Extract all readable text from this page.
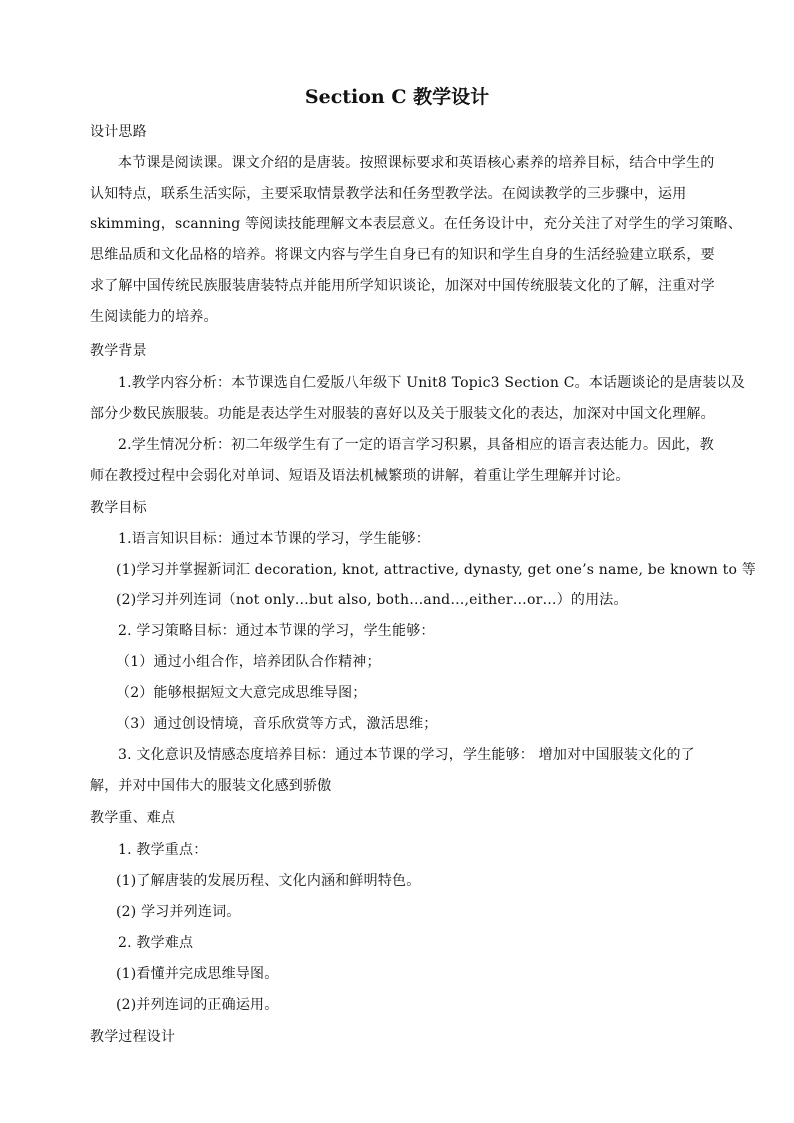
Section C 教学设计
设计思路
本节课是阅读课。课文介绍的是唐装。按照课标要求和英语核心素养的培养目标，结合中学生的
认知特点，联系生活实际，主要采取情景教学法和任务型教学法。在阅读教学的三步骤中，运用
skimming，scanning 等阅读技能理解文本表层意义。在任务设计中，充分关注了对学生的学习策略、
思维品质和文化品格的培养。将课文内容与学生自身已有的知识和学生自身的生活经验建立联系，要
求了解中国传统民族服装唐装特点并能用所学知识谈论，加深对中国传统服装文化的了解，注重对学
生阅读能力的培养。
教学背景
1.教学内容分析：本节课选自仁爱版八年级下 Unit8 Topic3 Section C。本话题谈论的是唐装以及
部分少数民族服装。功能是表达学生对服装的喜好以及关于服装文化的表达，加深对中国文化理解。
2.学生情况分析：初二年级学生有了一定的语言学习积累，具备相应的语言表达能力。因此，教
师在教授过程中会弱化对单词、短语及语法机械繁琐的讲解，着重让学生理解并讨论。
教学目标
1.语言知识目标：通过本节课的学习，学生能够：
(1)学习并掌握新词汇 decoration, knot, attractive, dynasty, get one’s name, be known to 等
(2)学习并列连词（not only…but also, both…and…,either…or…）的用法。
2. 学习策略目标：通过本节课的学习，学生能够：
（1）通过小组合作，培养团队合作精神；
（2）能够根据短文大意完成思维导图；
（3）通过创设情境，音乐欣赏等方式，激活思维；
3. 文化意识及情感态度培养目标：通过本节课的学习，学生能够： 增加对中国服装文化的了
解，并对中国伟大的服装文化感到骄傲
教学重、难点
1. 教学重点：
(1)了解唐装的发展历程、文化内涵和鲜明特色。
(2) 学习并列连词。
2. 教学难点
(1)看懂并完成思维导图。
(2)并列连词的正确运用。
教学过程设计
